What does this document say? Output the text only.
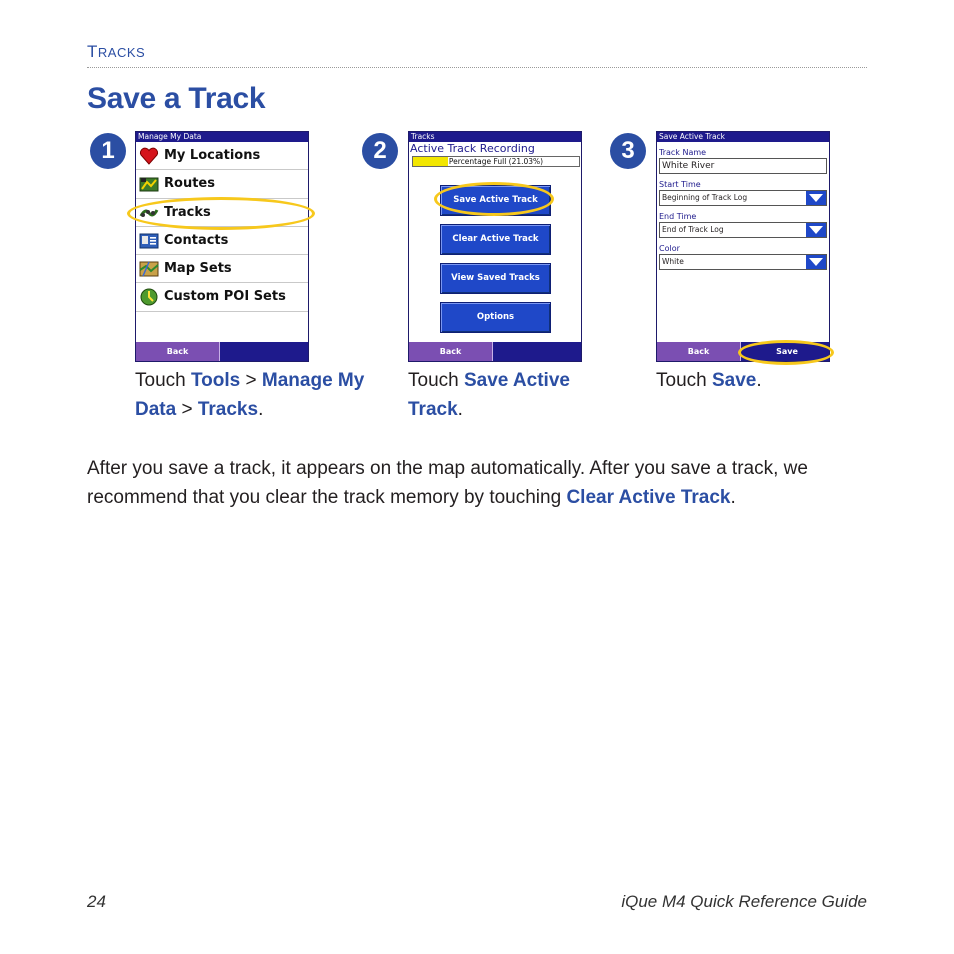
TRACKS
Save a Track
1	2	3
Manage My Data
My Locations
Routes
Tracks
Contacts
Map Sets
Custom POI Sets
Back
Tracks
Active Track Recording
Percentage Full (21.03%)
Save Active Track
Clear Active Track
View Saved Tracks
Options
Back
Save Active Track
Track Name
White River
Start Time
Beginning of Track Log
End Time
End of Track Log
Color
White
Back	Save
Touch Tools > Manage My Data > Tracks.
Touch Save Active Track.
Touch Save.
After you save a track, it appears on the map automatically. After you save a track, we recommend that you clear the track memory by touching Clear Active Track.
24	iQue M4 Quick Reference Guide
